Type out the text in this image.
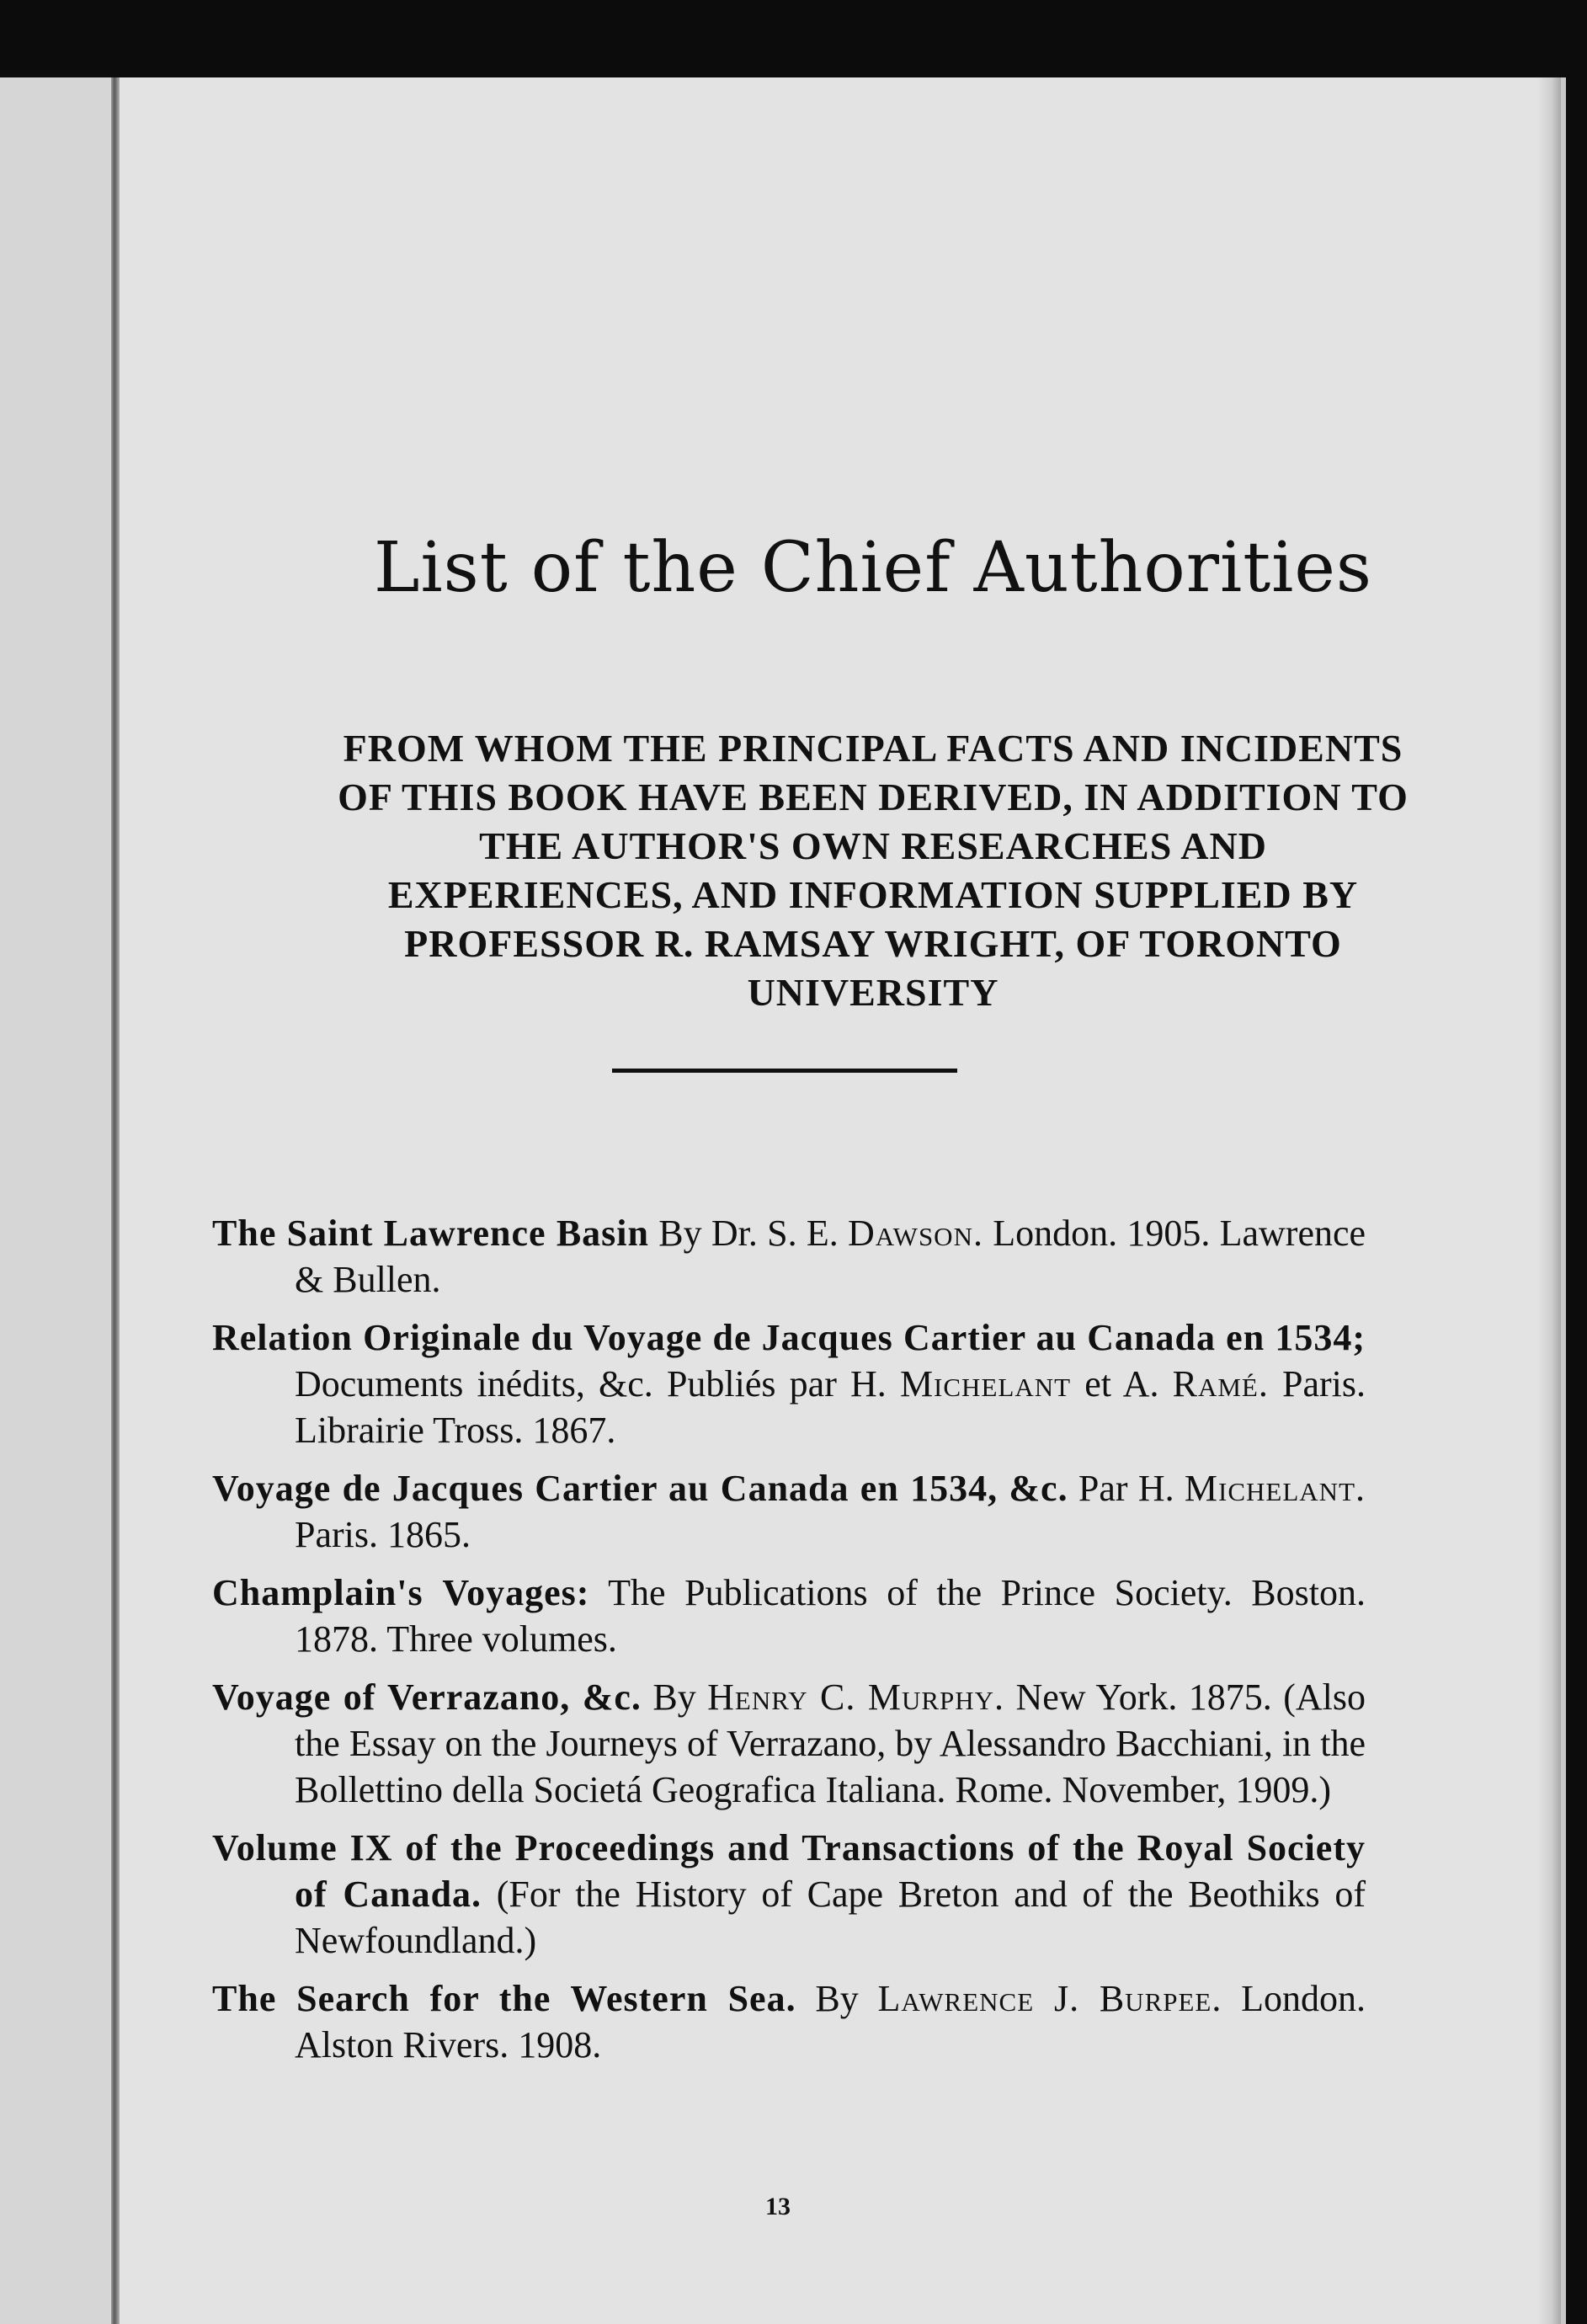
List of the Chief Authorities

FROM WHOM THE PRINCIPAL FACTS AND INCIDENTS OF THIS BOOK HAVE BEEN DERIVED, IN ADDITION TO THE AUTHOR'S OWN RESEARCHES AND EXPERIENCES, AND INFORMATION SUPPLIED BY PROFESSOR R. RAMSAY WRIGHT, OF TORONTO UNIVERSITY

The Saint Lawrence Basin By Dr. S. E. Dawson. London. 1905. Lawrence & Bullen.
Relation Originale du Voyage de Jacques Cartier au Canada en 1534; Documents inédits, &c. Publiés par H. Michelant et A. Ramé. Paris. Librairie Tross. 1867.
Voyage de Jacques Cartier au Canada en 1534, &c. Par H. Michelant. Paris. 1865.
Champlain's Voyages: The Publications of the Prince Society. Boston. 1878. Three volumes.
Voyage of Verrazano, &c. By Henry C. Murphy. New York. 1875. (Also the Essay on the Journeys of Verrazano, by Alessandro Bacchiani, in the Bollettino della Societá Geografica Italiana. Rome. November, 1909.)
Volume IX of the Proceedings and Transactions of the Royal Society of Canada. (For the History of Cape Breton and of the Beothiks of Newfoundland.)
The Search for the Western Sea. By Lawrence J. Burpee. London. Alston Rivers. 1908.
13
